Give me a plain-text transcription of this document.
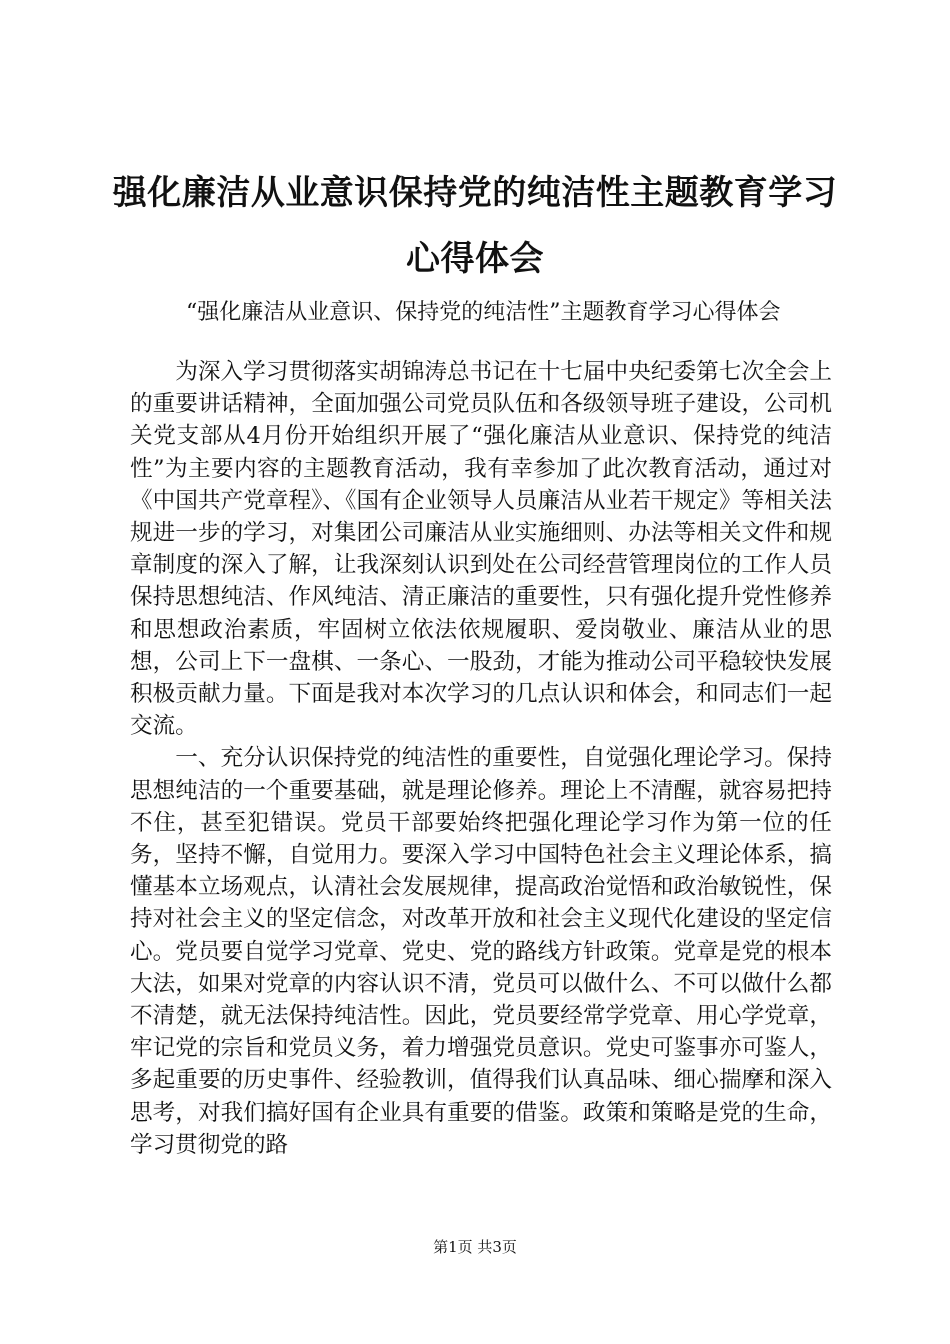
强化廉洁从业意识保持党的纯洁性主题教育学习心得体会

“强化廉洁从业意识、保持党的纯洁性”主题教育学习心得体会

为深入学习贯彻落实胡锦涛总书记在十七届中央纪委第七次全会上的重要讲话精神，全面加强公司党员队伍和各级领导班子建设，公司机关党支部从4月份开始组织开展了“强化廉洁从业意识、保持党的纯洁性”为主要内容的主题教育活动，我有幸参加了此次教育活动，通过对《中国共产党章程》、《国有企业领导人员廉洁从业若干规定》等相关法规进一步的学习，对集团公司廉洁从业实施细则、办法等相关文件和规章制度的深入了解，让我深刻认识到处在公司经营管理岗位的工作人员保持思想纯洁、作风纯洁、清正廉洁的重要性，只有强化提升党性修养和思想政治素质，牢固树立依法依规履职、爱岗敬业、廉洁从业的思想，公司上下一盘棋、一条心、一股劲，才能为推动公司平稳较快发展积极贡献力量。下面是我对本次学习的几点认识和体会，和同志们一起交流。

一、充分认识保持党的纯洁性的重要性，自觉强化理论学习。保持思想纯洁的一个重要基础，就是理论修养。理论上不清醒，就容易把持不住，甚至犯错误。党员干部要始终把强化理论学习作为第一位的任务，坚持不懈，自觉用力。要深入学习中国特色社会主义理论体系，搞懂基本立场观点，认清社会发展规律，提高政治觉悟和政治敏锐性，保持对社会主义的坚定信念，对改革开放和社会主义现代化建设的坚定信心。党员要自觉学习党章、党史、党的路线方针政策。党章是党的根本大法，如果对党章的内容认识不清，党员可以做什么、不可以做什么都不清楚，就无法保持纯洁性。因此，党员要经常学党章、用心学党章，牢记党的宗旨和党员义务，着力增强党员意识。党史可鉴事亦可鉴人，多起重要的历史事件、经验教训，值得我们认真品味、细心揣摩和深入思考，对我们搞好国有企业具有重要的借鉴。政策和策略是党的生命，学习贯彻党的路

第1页 共3页
